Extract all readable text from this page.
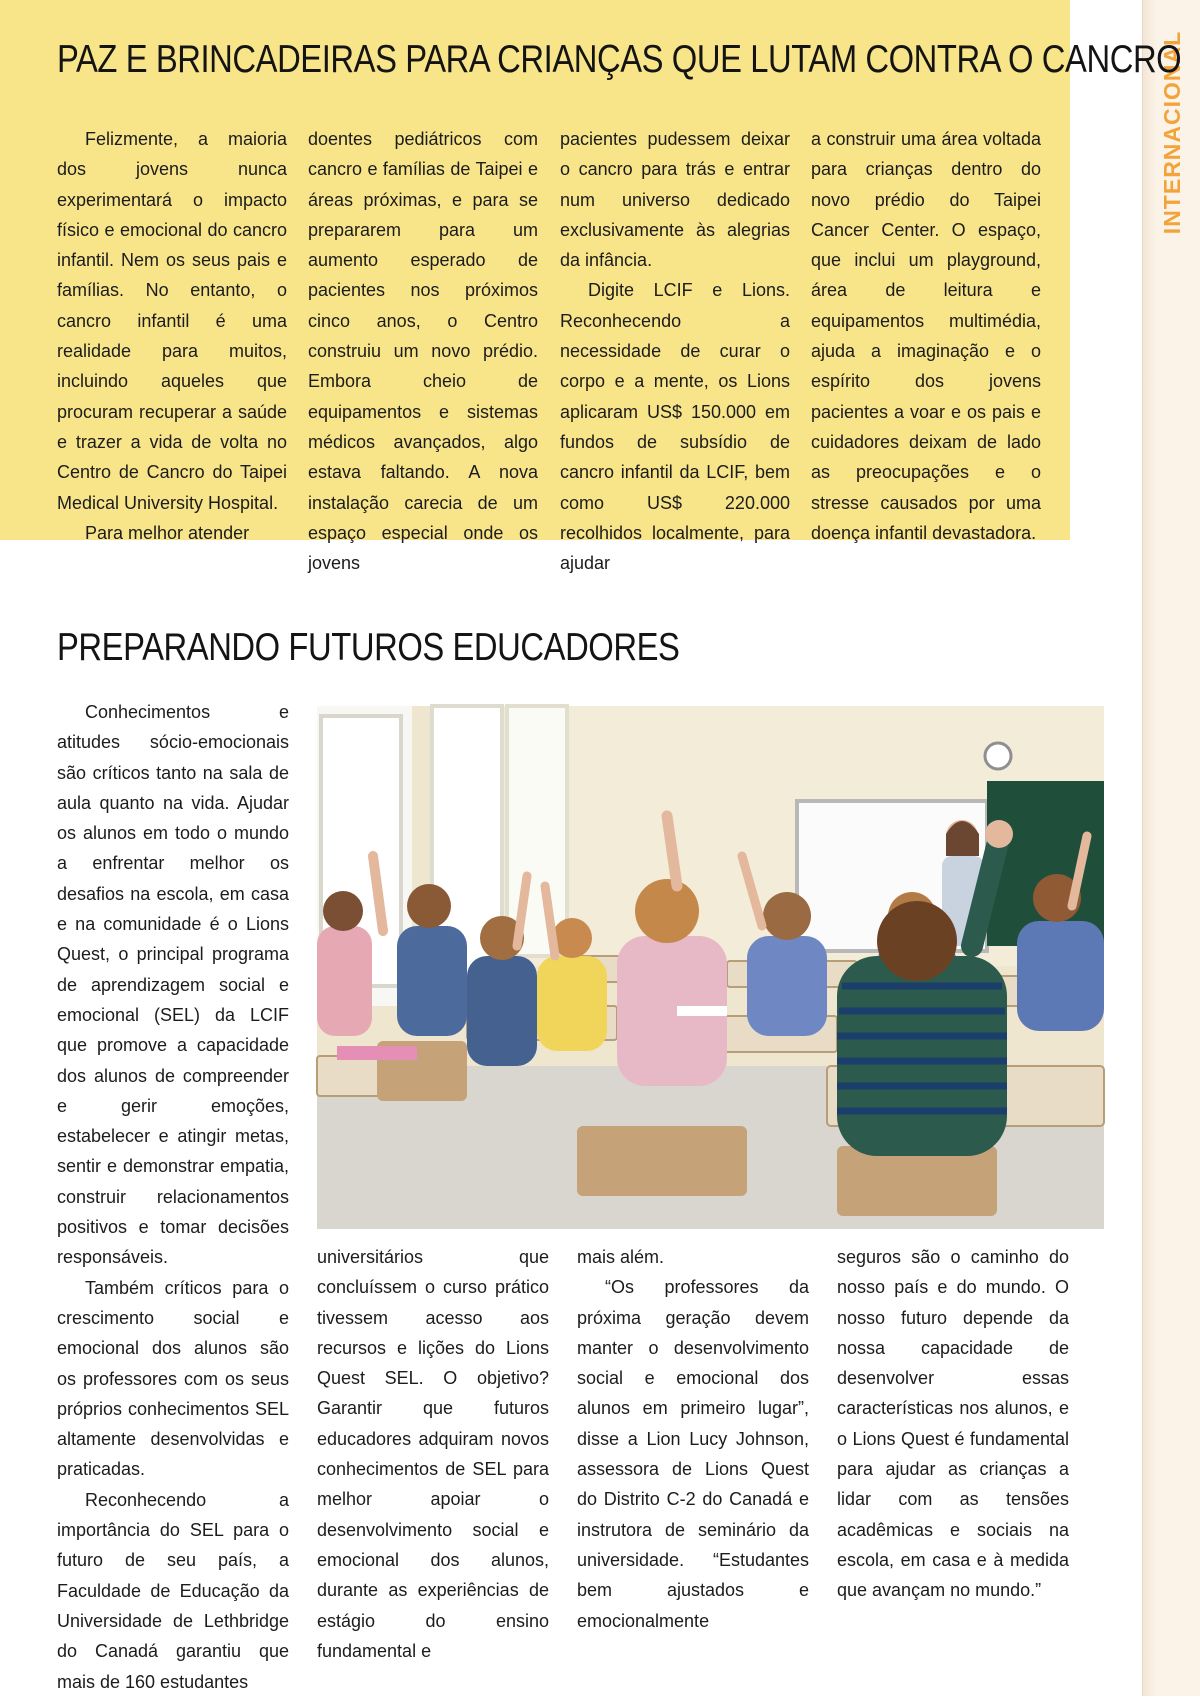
INTERNACIONAL
PAZ E BRINCADEIRAS PARA CRIANÇAS QUE LUTAM CONTRA O CANCRO

Felizmente, a maioria dos jovens nunca experimentará o impacto físico e emocional do cancro infantil. Nem os seus pais e famílias. No entanto, o cancro infantil é uma realidade para muitos, incluindo aqueles que procuram recuperar a saúde e trazer a vida de volta no Centro de Cancro do Taipei Medical University Hospital.

Para melhor atender

doentes pediátricos com cancro e famílias de Taipei e áreas próximas, e para se prepararem para um aumento esperado de pacientes nos próximos cinco anos, o Centro construiu um novo prédio. Embora cheio de equipamentos e sistemas médicos avançados, algo estava faltando. A nova instalação carecia de um espaço especial onde os jovens

pacientes pudessem deixar o cancro para trás e entrar num universo dedicado exclusivamente às alegrias da infância.

Digite LCIF e Lions. Reconhecendo a necessidade de curar o corpo e a mente, os Lions aplicaram US$ 150.000 em fundos de subsídio de cancro infantil da LCIF, bem como US$ 220.000 recolhidos localmente, para ajudar

a construir uma área voltada para crianças dentro do novo prédio do Taipei Cancer Center. O espaço, que inclui um playground, área de leitura e equipamentos multimédia, ajuda a imaginação e o espírito dos jovens pacientes a voar e os pais e cuidadores deixam de lado as preocupações e o stresse causados por uma doença infantil devastadora.

PREPARANDO FUTUROS EDUCADORES

Conhecimentos e atitudes sócio-emocionais são críticos tanto na sala de aula quanto na vida. Ajudar os alunos em todo o mundo a enfrentar melhor os desafios na escola, em casa e na comunidade é o Lions Quest, o principal programa de aprendizagem social e emocional (SEL) da LCIF que promove a capacidade dos alunos de compreender e gerir emoções, estabelecer e atingir metas, sentir e demonstrar empatia, construir relacionamentos positivos e tomar decisões responsáveis.

Também críticos para o crescimento social e emocional dos alunos são os professores com os seus próprios conhecimentos SEL altamente desenvolvidas e praticadas.

Reconhecendo a importância do SEL para o futuro de seu país, a Faculdade de Educação da Universidade de Lethbridge do Canadá garantiu que mais de 160 estudantes

universitários que concluíssem o curso prático tivessem acesso aos recursos e lições do Lions Quest SEL. O objetivo? Garantir que futuros educadores adquiram novos conhecimentos de SEL para melhor apoiar o desenvolvimento social e emocional dos alunos, durante as experiências de estágio do ensino fundamental e

mais além.

“Os professores da próxima geração devem manter o desenvolvimento social e emocional dos alunos em primeiro lugar”, disse a Lion Lucy Johnson, assessora de Lions Quest do Distrito C-2 do Canadá e instrutora de seminário da universidade. “Estudantes bem ajustados e emocionalmente

seguros são o caminho do nosso país e do mundo. O nosso futuro depende da nossa capacidade de desenvolver essas características nos alunos, e o Lions Quest é fundamental para ajudar as crianças a lidar com as tensões acadêmicas e sociais na escola, em casa e à medida que avançam no mundo.”
